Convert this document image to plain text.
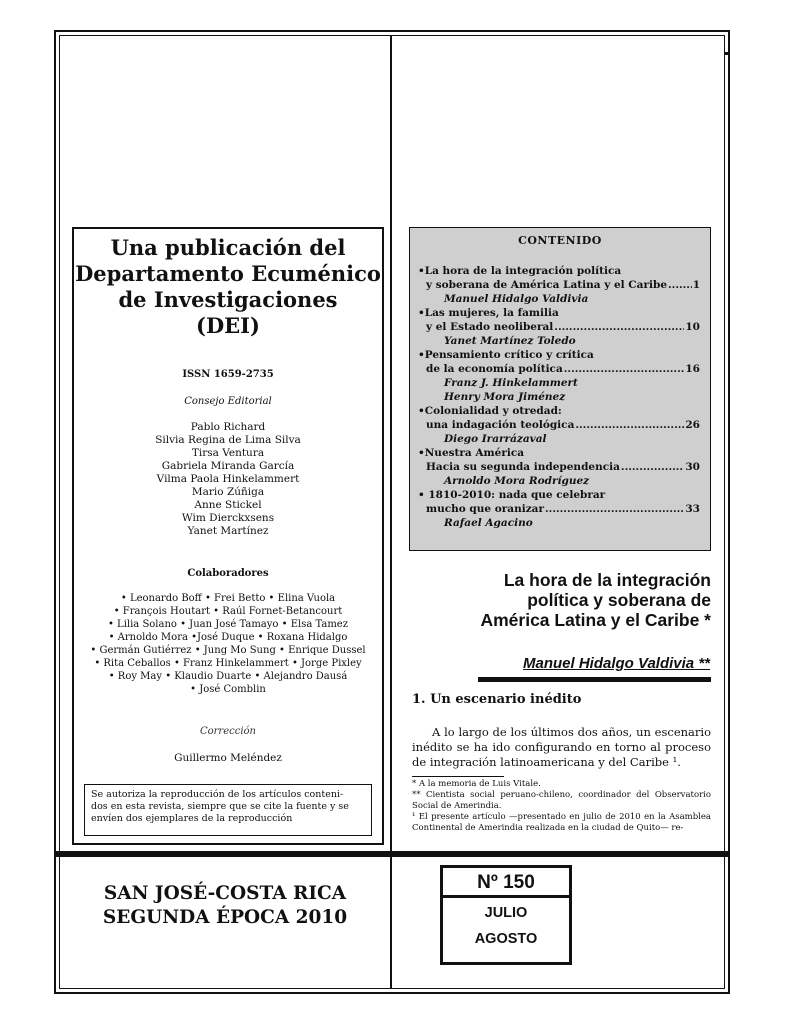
Una publicación del
Departamento Ecuménico
de Investigaciones
(DEI)
ISSN 1659-2735
Consejo Editorial
Pablo Richard
Silvia Regina de Lima Silva
Tirsa Ventura
Gabriela Miranda García
Vilma Paola Hinkelammert
Mario Zúñiga
Anne Stickel
Wim Dierckxsens
Yanet Martínez
Colaboradores
• Leonardo Boff • Frei Betto • Elina Vuola
• François Houtart • Raúl Fornet-Betancourt
• Lilia Solano • Juan José Tamayo • Elsa Tamez
• Arnoldo Mora •José Duque • Roxana Hidalgo
• Germán Gutiérrez • Jung Mo Sung • Enrique Dussel
• Rita Ceballos • Franz Hinkelammert • Jorge Pixley
• Roy May • Klaudio Duarte • Alejandro Dausá
• José Comblin
Corrección
Guillermo Meléndez
Se autoriza la reproducción de los artículos conteni-
dos en esta revista, siempre que se cite la fuente y se
envíen dos ejemplares de la reproducción
CONTENIDO
•La hora de la integración política
y soberana de América Latina y el Caribe ..... 1
Manuel Hidalgo Valdivia
•Las mujeres, la familia
y el Estado neoliberal .....	10
Yanet Martínez Toledo
•Pensamiento crítico y crítica
de la economía política .....	16
Franz J. Hinkelammert
Henry Mora Jiménez
•Colonialidad y otredad:
una indagación teológica .....	26
Diego Irarrázaval
•Nuestra América
Hacia su segunda independencia .....	30
Arnoldo Mora Rodríguez
• 1810-2010: nada que celebrar
mucho que oranizar .....	33
Rafael Agacino
La hora de la integración
política y soberana de
América Latina y el Caribe *
Manuel Hidalgo Valdivia **
1. Un escenario inédito
A lo largo de los últimos dos años, un escenario inédito se ha ido configurando en torno al proceso de integración latinoamericana y del Caribe ¹.
* A la memoria de Luis Vitale.
** Cientista social peruano-chileno, coordinador del Observatorio Social de Amerindia.
¹ El presente artículo —presentado en julio de 2010 en la Asamblea Continental de Amerindia realizada en la ciudad de Quito— re-
SAN JOSÉ-COSTA RICA
SEGUNDA ÉPOCA 2010
Nº 150
JULIO
AGOSTO
